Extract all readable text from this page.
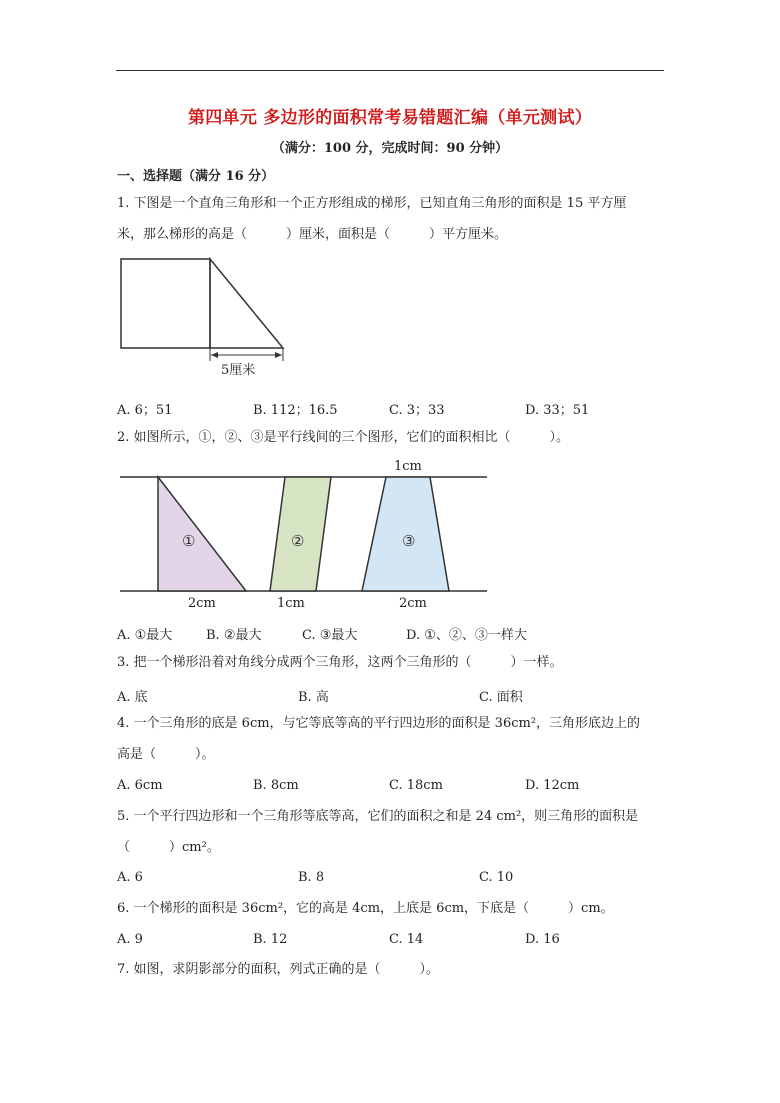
第四单元 多边形的面积常考易错题汇编（单元测试）
（满分：100 分，完成时间：90 分钟）
一、选择题（满分 16 分）
1. 下图是一个直角三角形和一个正方形组成的梯形，已知直角三角形的面积是 15 平方厘
米，那么梯形的高是（　　　）厘米，面积是（　　　）平方厘米。
5厘米
A. 6；51	B. 112；16.5	C. 3；33	D. 33；51
2. 如图所示，①，②、③是平行线间的三个图形，它们的面积相比（　　　）。
1cm
①	②	③
2cm	1cm	2cm
A. ①最大	B. ②最大	C. ③最大	D. ①、②、③一样大
3. 把一个梯形沿着对角线分成两个三角形，这两个三角形的（　　　）一样。
A. 底	B. 高	C. 面积
4. 一个三角形的底是 6cm，与它等底等高的平行四边形的面积是 36cm²，三角形底边上的
高是（　　　）。
A. 6cm	B. 8cm	C. 18cm	D. 12cm
5. 一个平行四边形和一个三角形等底等高，它们的面积之和是 24 cm²，则三角形的面积是
（　　　）cm²。
A. 6	B. 8	C. 10
6. 一个梯形的面积是 36cm²，它的高是 4cm，上底是 6cm，下底是（　　　）cm。
A. 9	B. 12	C. 14	D. 16
7. 如图，求阴影部分的面积，列式正确的是（　　　）。
